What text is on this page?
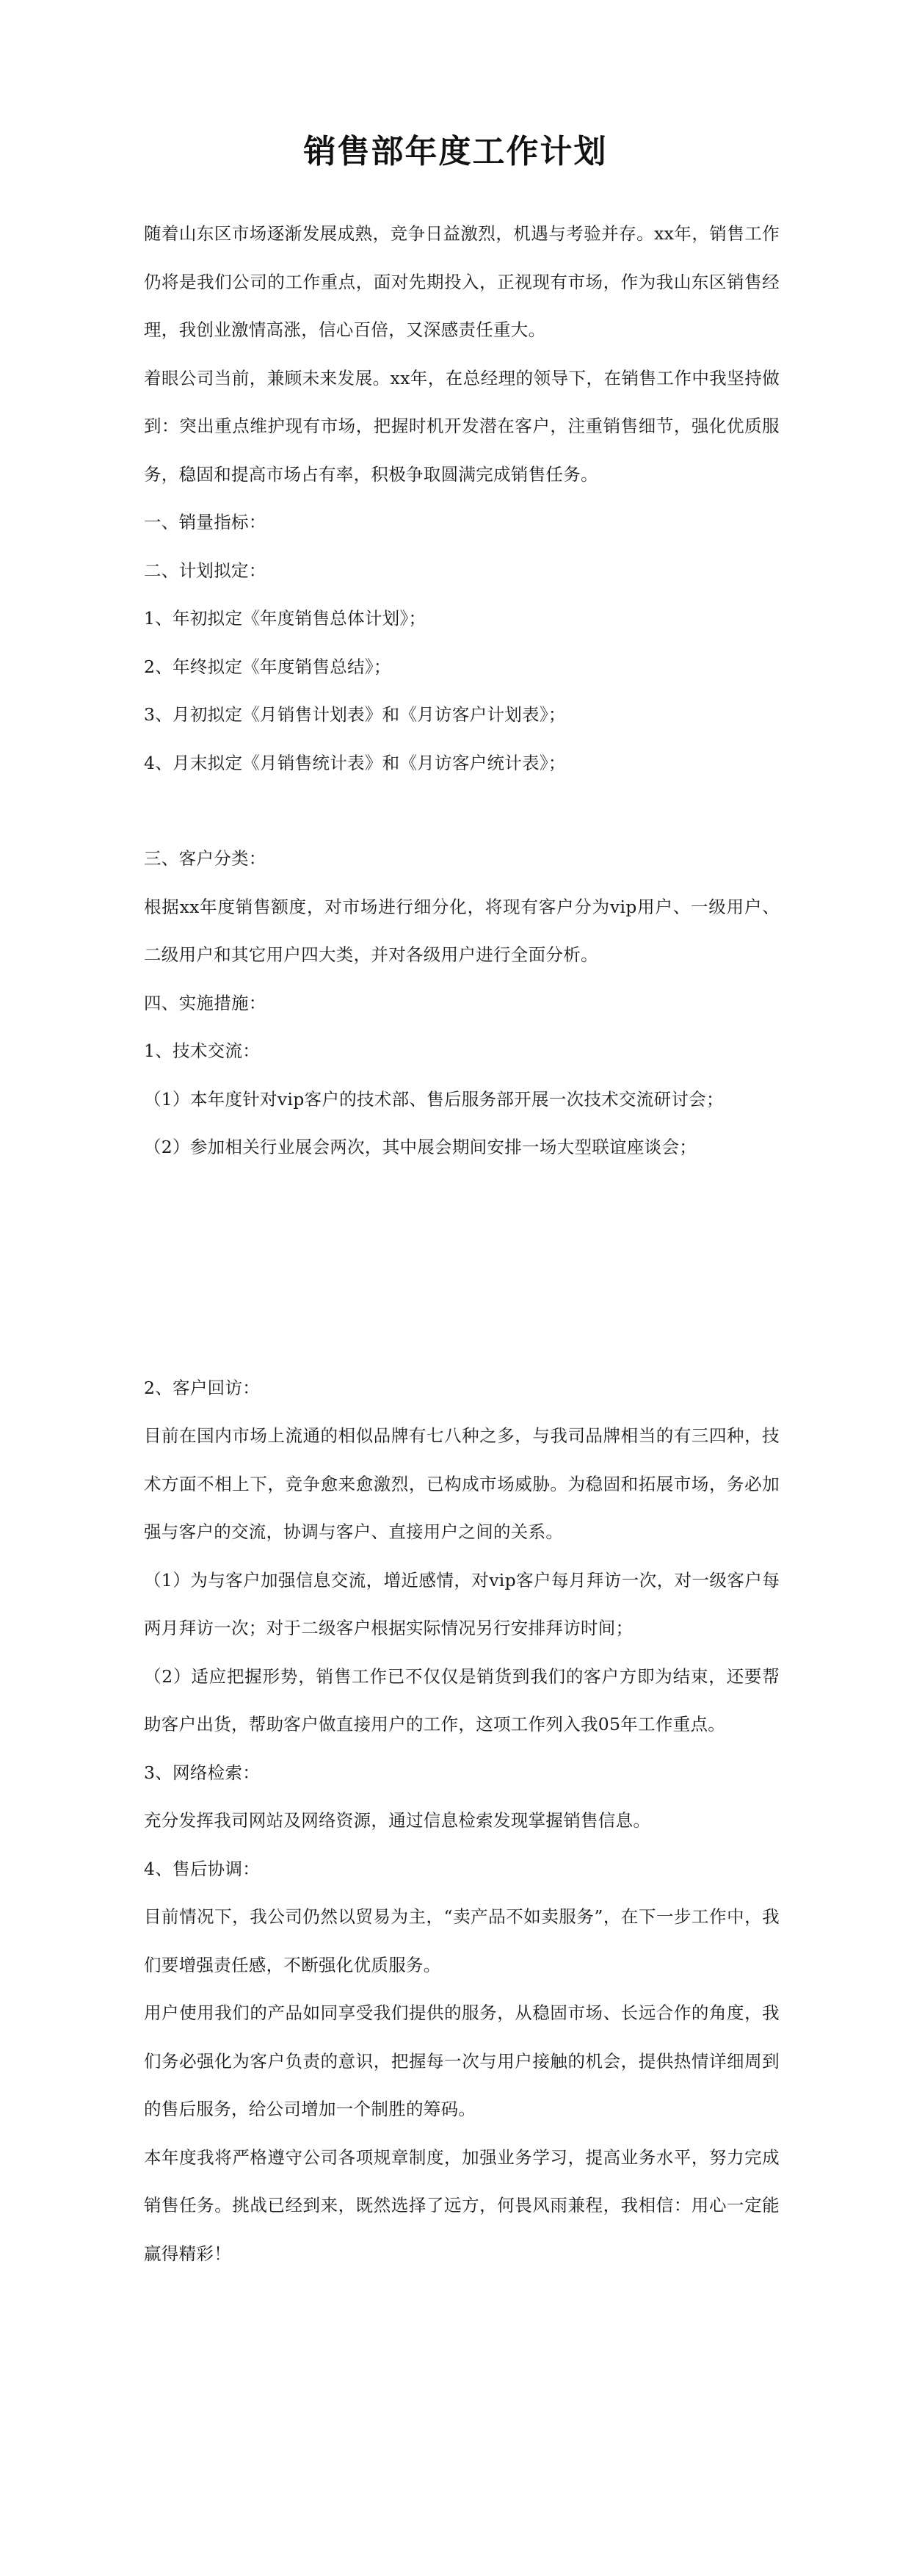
销售部年度工作计划

随着山东区市场逐渐发展成熟，竞争日益激烈，机遇与考验并存。xx年，销售工作仍将是我们公司的工作重点，面对先期投入，正视现有市场，作为我山东区销售经理，我创业激情高涨，信心百倍，又深感责任重大。

着眼公司当前，兼顾未来发展。xx年，在总经理的领导下，在销售工作中我坚持做到：突出重点维护现有市场，把握时机开发潜在客户，注重销售细节，强化优质服务，稳固和提高市场占有率，积极争取圆满完成销售任务。

一、销量指标：

二、计划拟定：

1、年初拟定《年度销售总体计划》；

2、年终拟定《年度销售总结》；

3、月初拟定《月销售计划表》和《月访客户计划表》；

4、月末拟定《月销售统计表》和《月访客户统计表》；

三、客户分类：

根据xx年度销售额度，对市场进行细分化，将现有客户分为vip用户、一级用户、二级用户和其它用户四大类，并对各级用户进行全面分析。

四、实施措施：

1、技术交流：

（1）本年度针对vip客户的技术部、售后服务部开展一次技术交流研讨会；

（2）参加相关行业展会两次，其中展会期间安排一场大型联谊座谈会；

2、客户回访：

目前在国内市场上流通的相似品牌有七八种之多，与我司品牌相当的有三四种，技术方面不相上下，竞争愈来愈激烈，已构成市场威胁。为稳固和拓展市场，务必加强与客户的交流，协调与客户、直接用户之间的关系。

（1）为与客户加强信息交流，增近感情，对vip客户每月拜访一次，对一级客户每两月拜访一次；对于二级客户根据实际情况另行安排拜访时间；

（2）适应把握形势，销售工作已不仅仅是销货到我们的客户方即为结束，还要帮助客户出货，帮助客户做直接用户的工作，这项工作列入我05年工作重点。

3、网络检索：

充分发挥我司网站及网络资源，通过信息检索发现掌握销售信息。

4、售后协调：

目前情况下，我公司仍然以贸易为主，“卖产品不如卖服务”，在下一步工作中，我们要增强责任感，不断强化优质服务。

用户使用我们的产品如同享受我们提供的服务，从稳固市场、长远合作的角度，我们务必强化为客户负责的意识，把握每一次与用户接触的机会，提供热情详细周到的售后服务，给公司增加一个制胜的筹码。

本年度我将严格遵守公司各项规章制度，加强业务学习，提高业务水平，努力完成销售任务。挑战已经到来，既然选择了远方，何畏风雨兼程，我相信：用心一定能赢得精彩！
